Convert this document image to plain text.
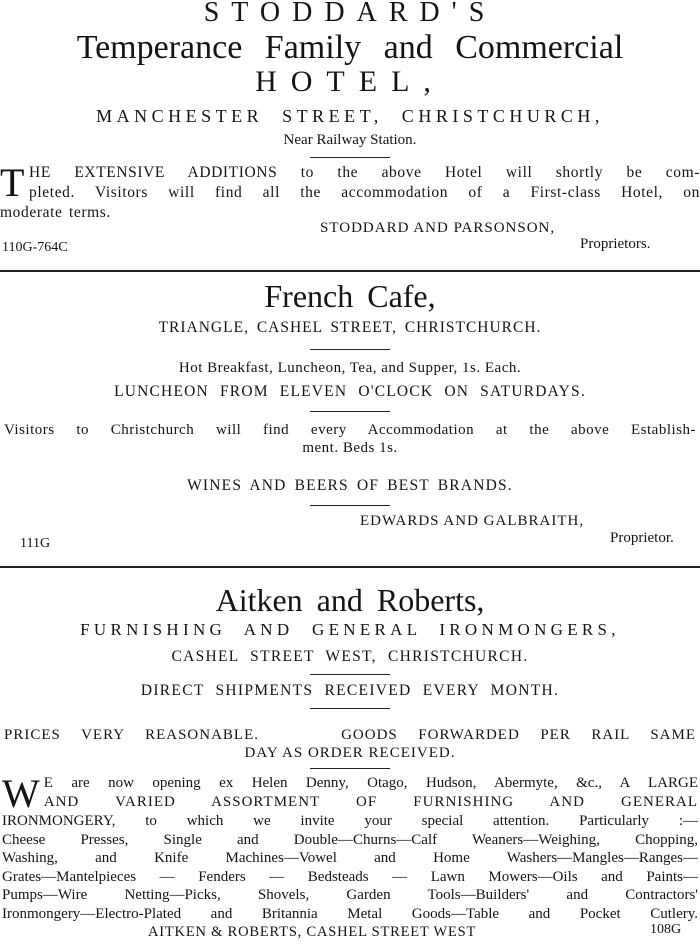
STODDARD'S
Temperance Family and Commercial
HOTEL,
MANCHESTER STREET, CHRISTCHURCH,
Near Railway Station.
T HE EXTENSIVE ADDITIONS to the above Hotel will shortly be com-
pleted. Visitors will find all the accommodation of a First-class Hotel, on
moderate terms.
STODDARD AND PARSONSON,
110G-764C	Proprietors.
French Cafe,
TRIANGLE, CASHEL STREET, CHRISTCHURCH.
Hot Breakfast, Luncheon, Tea, and Supper, 1s. Each.
LUNCHEON FROM ELEVEN O'CLOCK ON SATURDAYS.
Visitors to Christchurch will find every Accommodation at the above Establish-
ment. Beds 1s.
WINES AND BEERS OF BEST BRANDS.
EDWARDS AND GALBRAITH,
111G	Proprietor.
Aitken and Roberts,
FURNISHING AND GENERAL IRONMONGERS,
CASHEL STREET WEST, CHRISTCHURCH.
DIRECT SHIPMENTS RECEIVED EVERY MONTH.
PRICES VERY REASONABLE.    GOODS FORWARDED PER RAIL SAME
DAY AS ORDER RECEIVED.
W E are now opening ex Helen Denny, Otago, Hudson, Abermyte, &c., A LARGE
AND VARIED ASSORTMENT OF FURNISHING AND GENERAL
IRONMONGERY, to which we invite your special attention. Particularly :—
Cheese Presses, Single and Double—Churns—Calf Weaners—Weighing, Chopping,
Washing, and Knife Machines—Vowel and Home Washers—Mangles—Ranges—
Grates—Mantelpieces — Fenders — Bedsteads — Lawn Mowers—Oils and Paints—
Pumps—Wire Netting—Picks, Shovels, Garden Tools—Builders' and Contractors'
Ironmongery—Electro-Plated and Britannia Metal Goods—Table and Pocket Cutlery.
AITKEN & ROBERTS, CASHEL STREET WEST	108G
